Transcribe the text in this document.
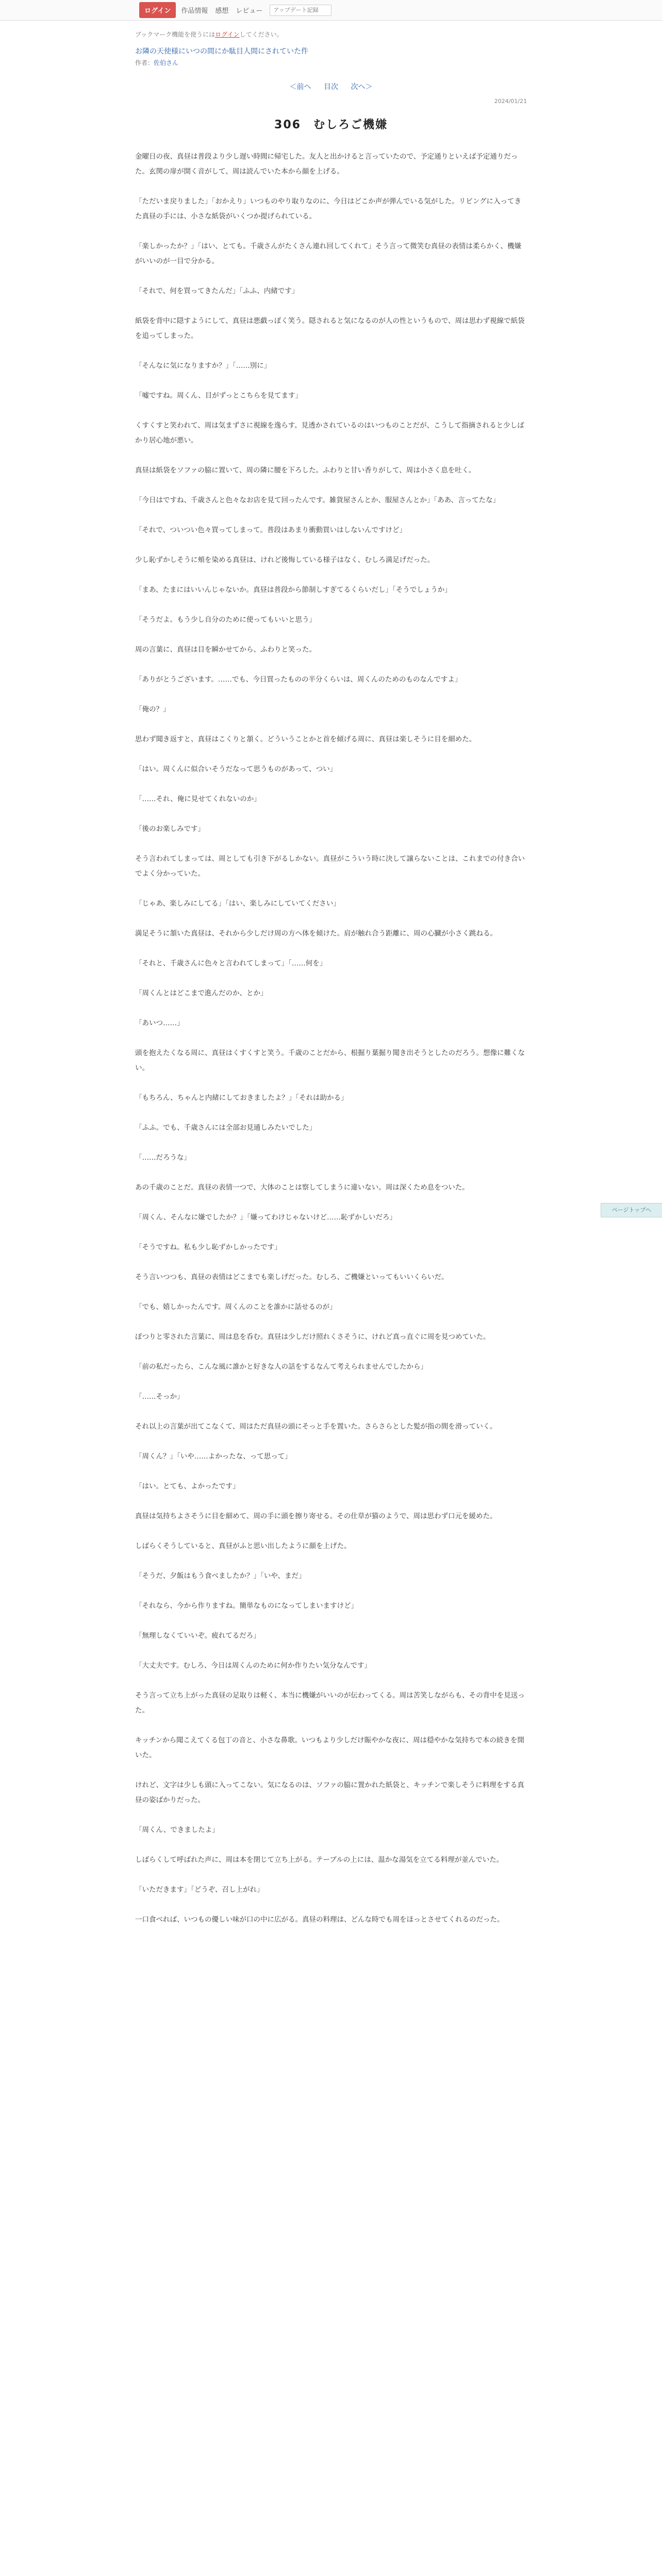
ログイン	作品情報 感想 レビュー
アップデート記録
ブックマーク機能を使うにはログインしてください。
お隣の天使様にいつの間にか駄目人間にされていた件
作者：佐伯さん
＜前へ 目次 次へ＞
2024/01/21
306　むしろご機嫌

金曜日の夜、真昼は普段より少し遅い時間に帰宅した。友人と出かけると言っていたので、予定通りといえば予定通りだった。玄関の扉が開く音がして、周は読んでいた本から顔を上げる。

「ただいま戻りました」「おかえり」いつものやり取りなのに、今日はどこか声が弾んでいる気がした。リビングに入ってきた真昼の手には、小さな紙袋がいくつか提げられている。

「楽しかったか？」「はい、とても。千歳さんがたくさん連れ回してくれて」そう言って微笑む真昼の表情は柔らかく、機嫌がいいのが一目で分かる。

「それで、何を買ってきたんだ」「ふふ、内緒です」

紙袋を背中に隠すようにして、真昼は悪戯っぽく笑う。隠されると気になるのが人の性というもので、周は思わず視線で紙袋を追ってしまった。

「そんなに気になりますか？」「……別に」

「嘘ですね。周くん、目がずっとこちらを見てます」

くすくすと笑われて、周は気まずさに視線を逸らす。見透かされているのはいつものことだが、こうして指摘されると少しばかり居心地が悪い。

真昼は紙袋をソファの脇に置いて、周の隣に腰を下ろした。ふわりと甘い香りがして、周は小さく息を吐く。

「今日はですね、千歳さんと色々なお店を見て回ったんです。雑貨屋さんとか、服屋さんとか」「ああ、言ってたな」

「それで、ついつい色々買ってしまって。普段はあまり衝動買いはしないんですけど」

少し恥ずかしそうに頬を染める真昼は、けれど後悔している様子はなく、むしろ満足げだった。

「まあ、たまにはいいんじゃないか。真昼は普段から節制しすぎてるくらいだし」「そうでしょうか」

「そうだよ。もう少し自分のために使ってもいいと思う」

周の言葉に、真昼は目を瞬かせてから、ふわりと笑った。

「ありがとうございます。……でも、今日買ったものの半分くらいは、周くんのためのものなんですよ」

「俺の？」

思わず聞き返すと、真昼はこくりと頷く。どういうことかと首を傾げる周に、真昼は楽しそうに目を細めた。

「はい。周くんに似合いそうだなって思うものがあって、つい」

「……それ、俺に見せてくれないのか」

「後のお楽しみです」

そう言われてしまっては、周としても引き下がるしかない。真昼がこういう時に決して譲らないことは、これまでの付き合いでよく分かっていた。

「じゃあ、楽しみにしてる」「はい、楽しみにしていてください」

満足そうに頷いた真昼は、それから少しだけ周の方へ体を傾けた。肩が触れ合う距離に、周の心臓が小さく跳ねる。

「それと、千歳さんに色々と言われてしまって」「……何を」

「周くんとはどこまで進んだのか、とか」

「あいつ……」

頭を抱えたくなる周に、真昼はくすくすと笑う。千歳のことだから、根掘り葉掘り聞き出そうとしたのだろう。想像に難くない。

「もちろん、ちゃんと内緒にしておきましたよ？」「それは助かる」

「ふふ。でも、千歳さんには全部お見通しみたいでした」

「……だろうな」

あの千歳のことだ。真昼の表情一つで、大体のことは察してしまうに違いない。周は深くため息をついた。

「周くん、そんなに嫌でしたか？」「嫌ってわけじゃないけど……恥ずかしいだろ」

「そうですね。私も少し恥ずかしかったです」

そう言いつつも、真昼の表情はどこまでも楽しげだった。むしろ、ご機嫌といってもいいくらいだ。

「でも、嬉しかったんです。周くんのことを誰かに話せるのが」

ぽつりと零された言葉に、周は息を呑む。真昼は少しだけ照れくさそうに、けれど真っ直ぐに周を見つめていた。

「前の私だったら、こんな風に誰かと好きな人の話をするなんて考えられませんでしたから」

「……そっか」

それ以上の言葉が出てこなくて、周はただ真昼の頭にそっと手を置いた。さらさらとした髪が指の間を滑っていく。

「周くん？」「いや……よかったな、って思って」

「はい。とても、よかったです」

真昼は気持ちよさそうに目を細めて、周の手に頭を擦り寄せる。その仕草が猫のようで、周は思わず口元を緩めた。

しばらくそうしていると、真昼がふと思い出したように顔を上げた。

「そうだ、夕飯はもう食べましたか？」「いや、まだ」

「それなら、今から作りますね。簡単なものになってしまいますけど」

「無理しなくていいぞ。疲れてるだろ」

「大丈夫です。むしろ、今日は周くんのために何か作りたい気分なんです」

そう言って立ち上がった真昼の足取りは軽く、本当に機嫌がいいのが伝わってくる。周は苦笑しながらも、その背中を見送った。

キッチンから聞こえてくる包丁の音と、小さな鼻歌。いつもより少しだけ賑やかな夜に、周は穏やかな気持ちで本の続きを開いた。

けれど、文字は少しも頭に入ってこない。気になるのは、ソファの脇に置かれた紙袋と、キッチンで楽しそうに料理をする真昼の姿ばかりだった。

「周くん、できましたよ」

しばらくして呼ばれた声に、周は本を閉じて立ち上がる。テーブルの上には、温かな湯気を立てる料理が並んでいた。

「いただきます」「どうぞ、召し上がれ」

一口食べれば、いつもの優しい味が口の中に広がる。真昼の料理は、どんな時でも周をほっとさせてくれるのだった。

ページトップへ
